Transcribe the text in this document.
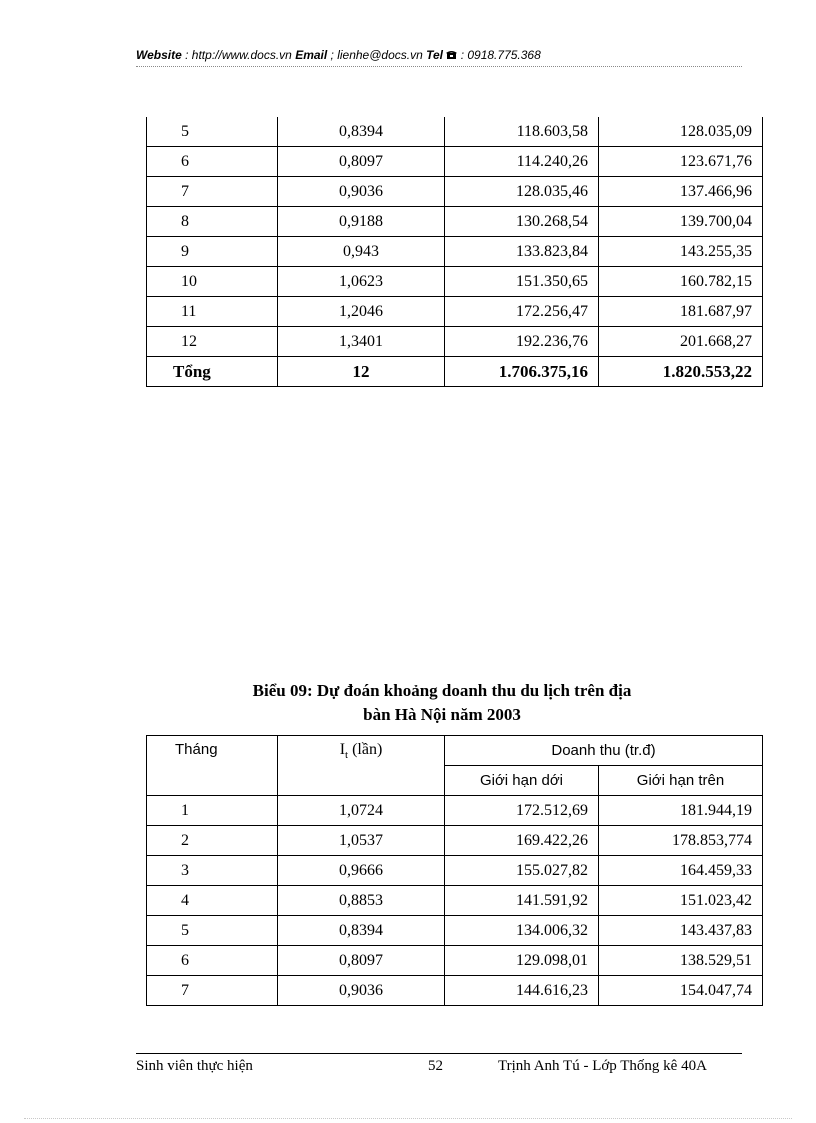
Website : http://www.docs.vn Email ; lienhe@docs.vn Tel  : 0918.775.368
5	0,8394	118.603,58	128.035,09
6	0,8097	114.240,26	123.671,76
7	0,9036	128.035,46	137.466,96
8	0,9188	130.268,54	139.700,04
9	0,943	133.823,84	143.255,35
10	1,0623	151.350,65	160.782,15
11	1,2046	172.256,47	181.687,97
12	1,3401	192.236,76	201.668,27
Tổng	12	1.706.375,16	1.820.553,22
Biểu 09: Dự đoán khoảng doanh thu du lịch trên địa
bàn Hà Nội năm 2003
Tháng	$I_t$ (lần)	Doanh thu (tr.đ)	
		Giới hạn dới	Giới hạn trên
1	1,0724	172.512,69	181.944,19
2	1,0537	169.422,26	178.853,774
3	0,9666	155.027,82	164.459,33
4	0,8853	141.591,92	151.023,42
5	0,8394	134.006,32	143.437,83
6	0,8097	129.098,01	138.529,51
7	0,9036	144.616,23	154.047,74
Sinh viên thực hiện	52	Trịnh Anh Tú - Lớp Thống kê 40A
